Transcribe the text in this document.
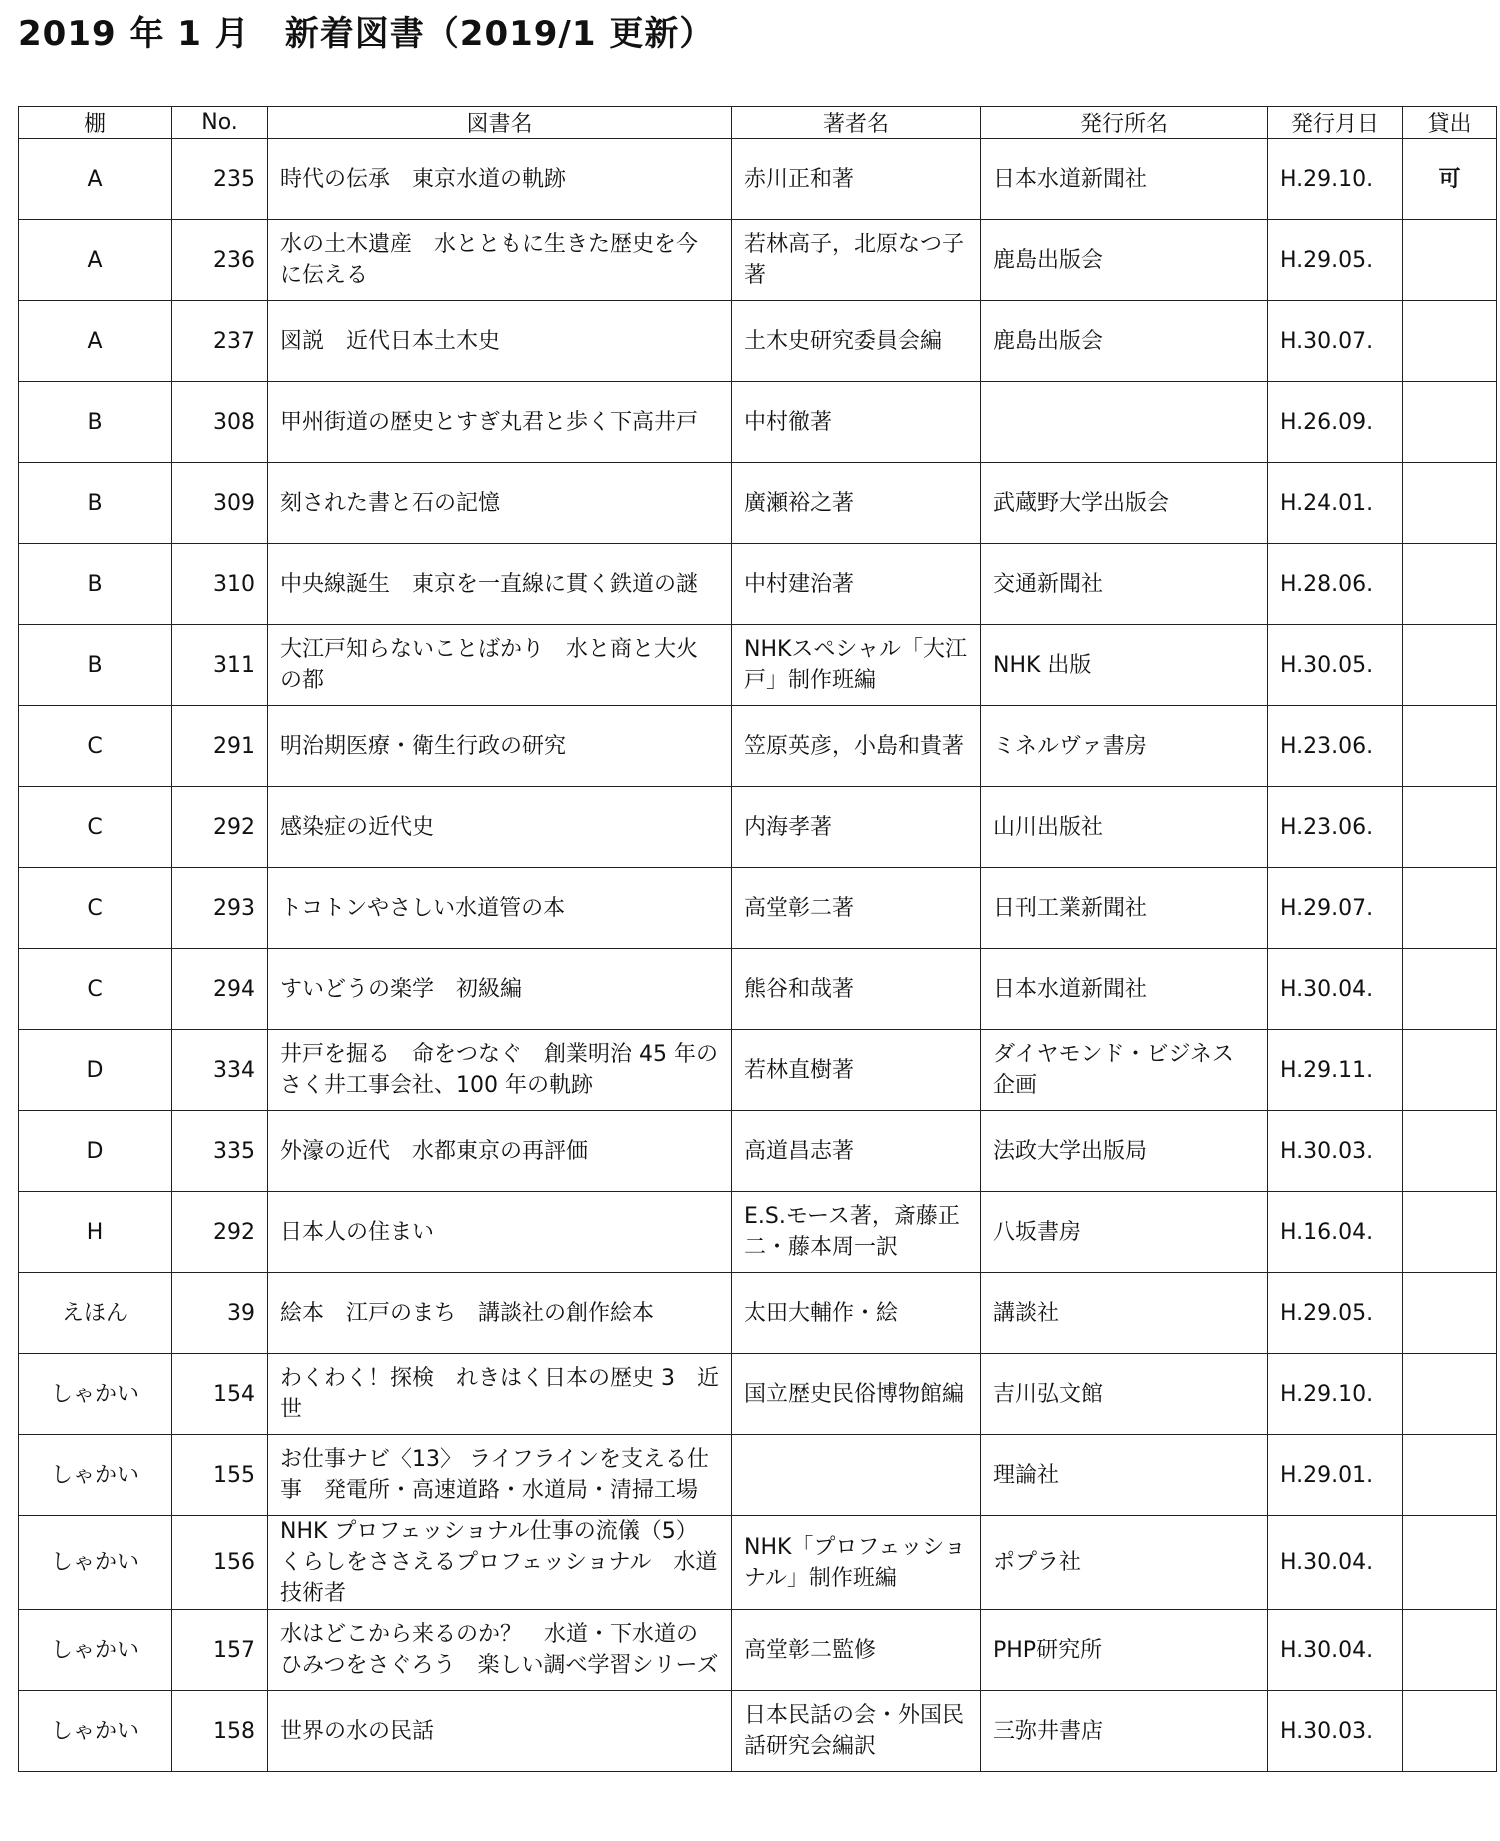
2019 年 1 月　新着図書（2019/1 更新）
棚	No.	図書名	著者名	発行所名	発行月日	貸出
A	235	時代の伝承　東京水道の軌跡	赤川正和著	日本水道新聞社	H.29.10.	可
A	236	水の土木遺産　水とともに生きた歴史を今に伝える	若林高子，北原なつ子著	鹿島出版会	H.29.05.	
A	237	図説　近代日本土木史	土木史研究委員会編	鹿島出版会	H.30.07.	
B	308	甲州街道の歴史とすぎ丸君と歩く下高井戸	中村徹著		H.26.09.	
B	309	刻された書と石の記憶	廣瀬裕之著	武蔵野大学出版会	H.24.01.	
B	310	中央線誕生　東京を一直線に貫く鉄道の謎	中村建治著	交通新聞社	H.28.06.	
B	311	大江戸知らないことばかり　水と商と大火の都	NHKスペシャル「大江戸」制作班編	NHK 出版	H.30.05.	
C	291	明治期医療・衛生行政の研究	笠原英彦，小島和貴著	ミネルヴァ書房	H.23.06.	
C	292	感染症の近代史	内海孝著	山川出版社	H.23.06.	
C	293	トコトンやさしい水道管の本	高堂彰二著	日刊工業新聞社	H.29.07.	
C	294	すいどうの楽学　初級編	熊谷和哉著	日本水道新聞社	H.30.04.	
D	334	井戸を掘る　命をつなぐ　創業明治 45 年のさく井工事会社、100 年の軌跡	若林直樹著	ダイヤモンド・ビジネス企画	H.29.11.	
D	335	外濠の近代　水都東京の再評価	高道昌志著	法政大学出版局	H.30.03.	
H	292	日本人の住まい	E.S.モース著，斎藤正二・藤本周一訳	八坂書房	H.16.04.	
えほん	39	絵本　江戸のまち　講談社の創作絵本	太田大輔作・絵	講談社	H.29.05.	
しゃかい	154	わくわく！探検　れきはく日本の歴史 3　近世	国立歴史民俗博物館編	吉川弘文館	H.29.10.	
しゃかい	155	お仕事ナビ〈13〉 ライフラインを支える仕事　発電所・高速道路・水道局・清掃工場		理論社	H.29.01.	
しゃかい	156	NHK プロフェッショナル仕事の流儀（5） くらしをささえるプロフェッショナル　水道技術者	NHK「プロフェッショナル」制作班編	ポプラ社	H.30.04.	
しゃかい	157	水はどこから来るのか？　水道・下水道のひみつをさぐろう　楽しい調べ学習シリーズ	高堂彰二監修	PHP研究所	H.30.04.	
しゃかい	158	世界の水の民話	日本民話の会・外国民話研究会編訳	三弥井書店	H.30.03.	
